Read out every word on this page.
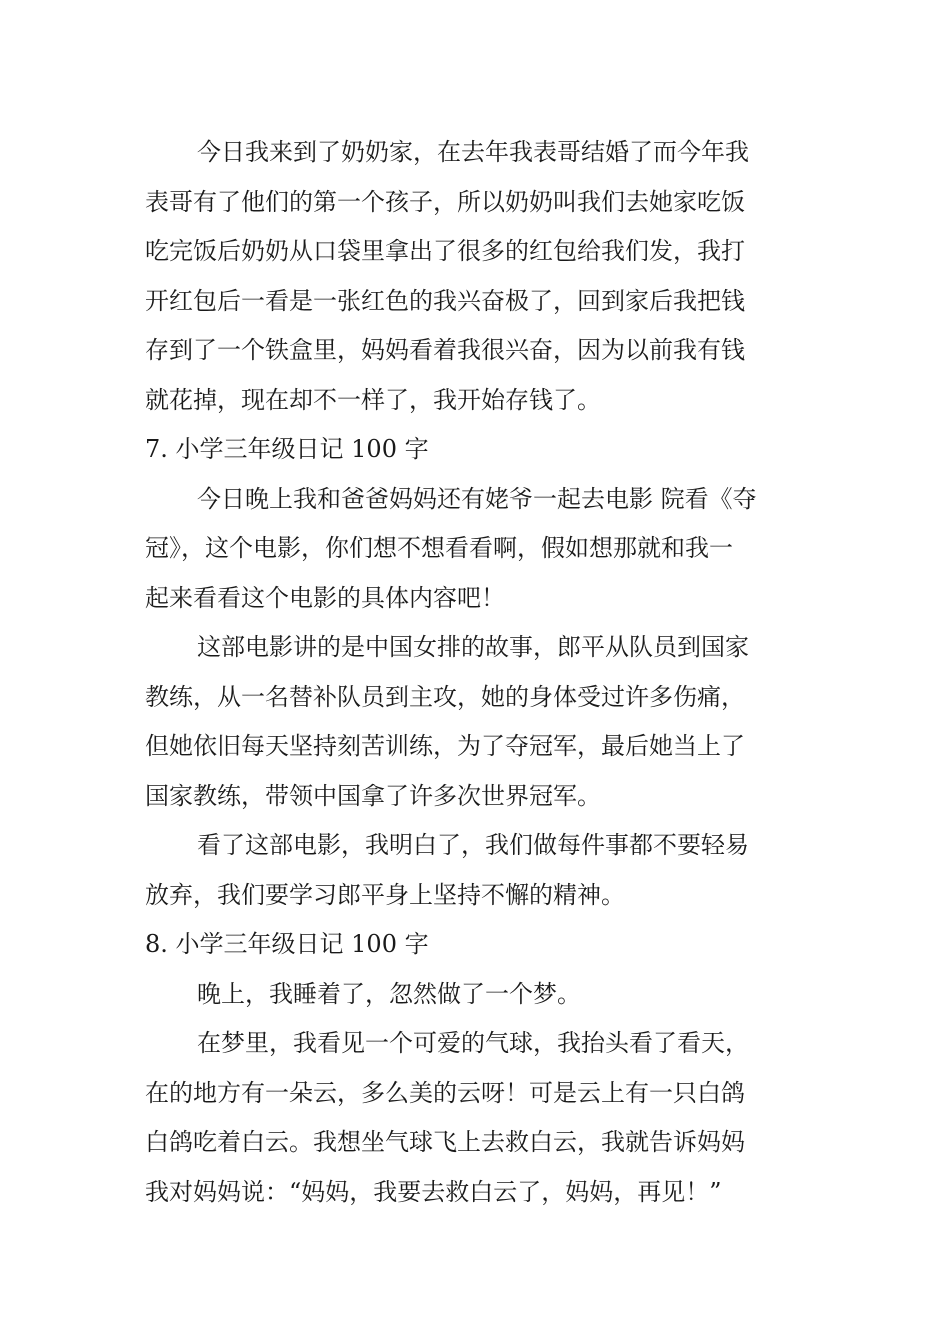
今日我来到了奶奶家，在去年我表哥结婚了而今年我
表哥有了他们的第一个孩子，所以奶奶叫我们去她家吃饭
吃完饭后奶奶从口袋里拿出了很多的红包给我们发，我打
开红包后一看是一张红色的我兴奋极了，回到家后我把钱
存到了一个铁盒里，妈妈看着我很兴奋，因为以前我有钱
就花掉，现在却不一样了，我开始存钱了。
7. 小学三年级日记 100 字
今日晚上我和爸爸妈妈还有姥爷一起去电影 院看《夺
冠》，这个电影，你们想不想看看啊，假如想那就和我一
起来看看这个电影的具体内容吧！
这部电影讲的是中国女排的故事，郎平从队员到国家
教练，从一名替补队员到主攻，她的身体受过许多伤痛，
但她依旧每天坚持刻苦训练，为了夺冠军，最后她当上了
国家教练，带领中国拿了许多次世界冠军。
看了这部电影，我明白了，我们做每件事都不要轻易
放弃，我们要学习郎平身上坚持不懈的精神。
8. 小学三年级日记 100 字
晚上，我睡着了，忽然做了一个梦。
在梦里，我看见一个可爱的气球，我抬头看了看天，
在的地方有一朵云，多么美的云呀！可是云上有一只白鸽
白鸽吃着白云。我想坐气球飞上去救白云，我就告诉妈妈
我对妈妈说：“妈妈，我要去救白云了，妈妈，再见！”
